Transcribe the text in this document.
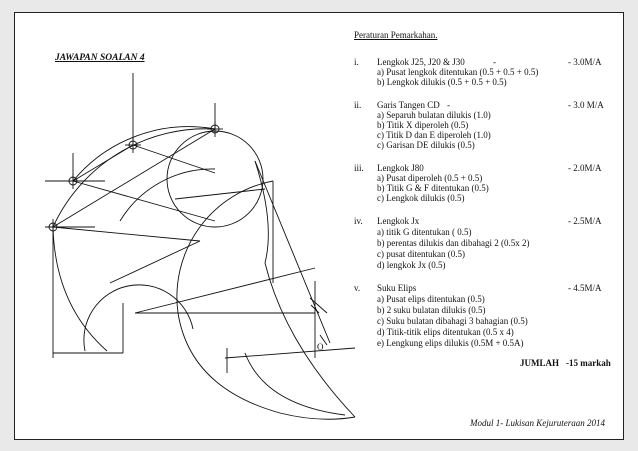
JAWAPAN SOALAN 4
Peraturan Pemarkahan.
i.	Lengkok J25, J20 & J30	-	- 3.0M/A
a) Pusat lengkok ditentukan (0.5 + 0.5 + 0.5)
b) Lengkok dilukis (0.5 + 0.5 + 0.5)
ii.	Garis Tangen CD -	- 3.0 M/A
a) Separuh bulatan dilukis (1.0)
b) Titik X diperoleh (0.5)
c) Titik D dan E diperoleh (1.0)
c) Garisan DE dilukis (0.5)
iii.	Lengkok J80	- 2.0M/A
a) Pusat diperoleh (0.5 + 0.5)
b) Titik G & F ditentukan (0.5)
c) Lengkok dilukis (0.5)
iv.	Lengkok Jx	- 2.5M/A
a) titik G ditentukan ( 0.5)
b) perentas dilukis dan dibahagi 2 (0.5x 2)
c) pusat ditentukan (0.5)
d) lengkok Jx (0.5)
v.	Suku Elips	- 4.5M/A
a) Pusat elips ditentukan (0.5)
b) 2 suku bulatan dilukis (0.5)
c) Suku bulatan dibahagi 3 bahagian (0.5)
d) Titik-titik elips ditentukan (0.5 x 4)
e) Lengkung elips dilukis (0.5M + 0.5A)
JUMLAH -15 markah
O
Modul 1- Lukisan Kejuruteraan 2014
